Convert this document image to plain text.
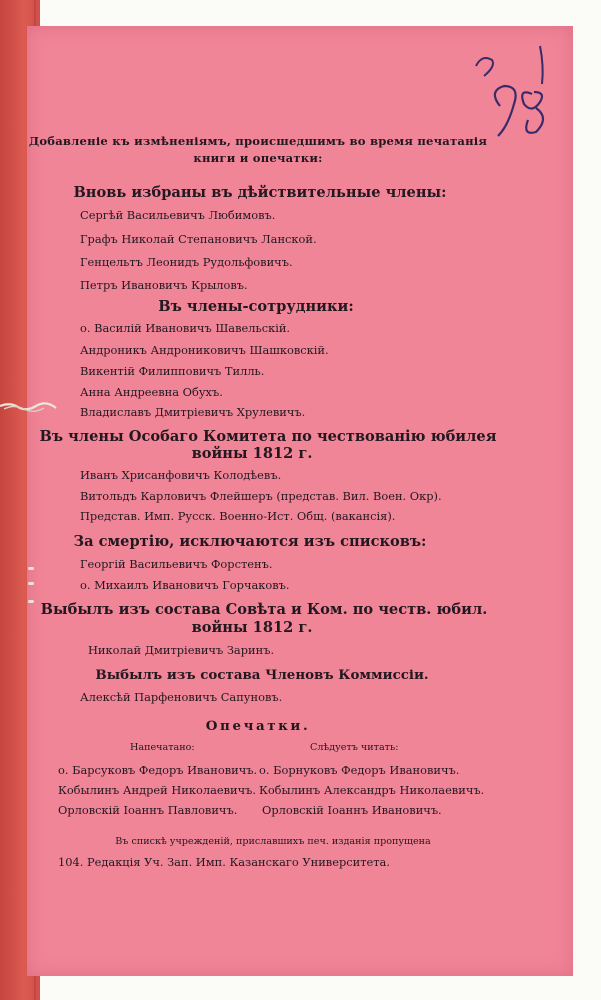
98
Добавленіе къ измѣненіямъ, происшедшимъ во время печатанія
книги и опечатки:
Вновь избраны въ дѣйствительные члены:
Сергѣй Васильевичъ Любимовъ.
Графъ Николай Степановичъ Ланской.
Генцельтъ Леонидъ Рудольфовичъ.
Петръ Ивановичъ Крыловъ.
Въ члены-сотрудники:
о. Василій Ивановичъ Шавельскій.
Андроникъ Андрониковичъ Шашковскій.
Викентій Филипповичъ Тилль.
Анна Андреевна Обухъ.
Владиславъ Дмитріевичъ Хрулевичъ.
Въ члены Особаго Комитета по чествованію юбилея
войны 1812 г.
Иванъ Хрисанфовичъ Колодѣевъ.
Витольдъ Карловичъ Флейшеръ (представ. Вил. Воен. Окр).
Представ. Имп. Русск. Военно-Ист. Общ. (вакансія).
За смертію, исключаются изъ списковъ:
Георгій Васильевичъ Форстенъ.
о. Михаилъ Ивановичъ Горчаковъ.
Выбылъ изъ состава Совѣта и Ком. по честв. юбил.
войны 1812 г.
Николай Дмитріевичъ Заринъ.
Выбылъ изъ состава Членовъ Коммиссіи.
Алексѣй Парфеновичъ Сапуновъ.
Опечатки.
Напечатано:	Слѣдуетъ читать:
о. Барсуковъ Федоръ Ивановичъ. о. Борнуковъ Федоръ Ивановичъ.
Кобылинъ Андрей Николаевичъ. Кобылинъ Александръ Николаевичъ.
Орловскій Іоаннъ Павловичъ. Орловскій Іоаннъ Ивановичъ.
Въ спискѣ учрежденій, приславшихъ печ. изданія пропущена
104. Редакція Уч. Зап. Имп. Казанскаго Университета.
